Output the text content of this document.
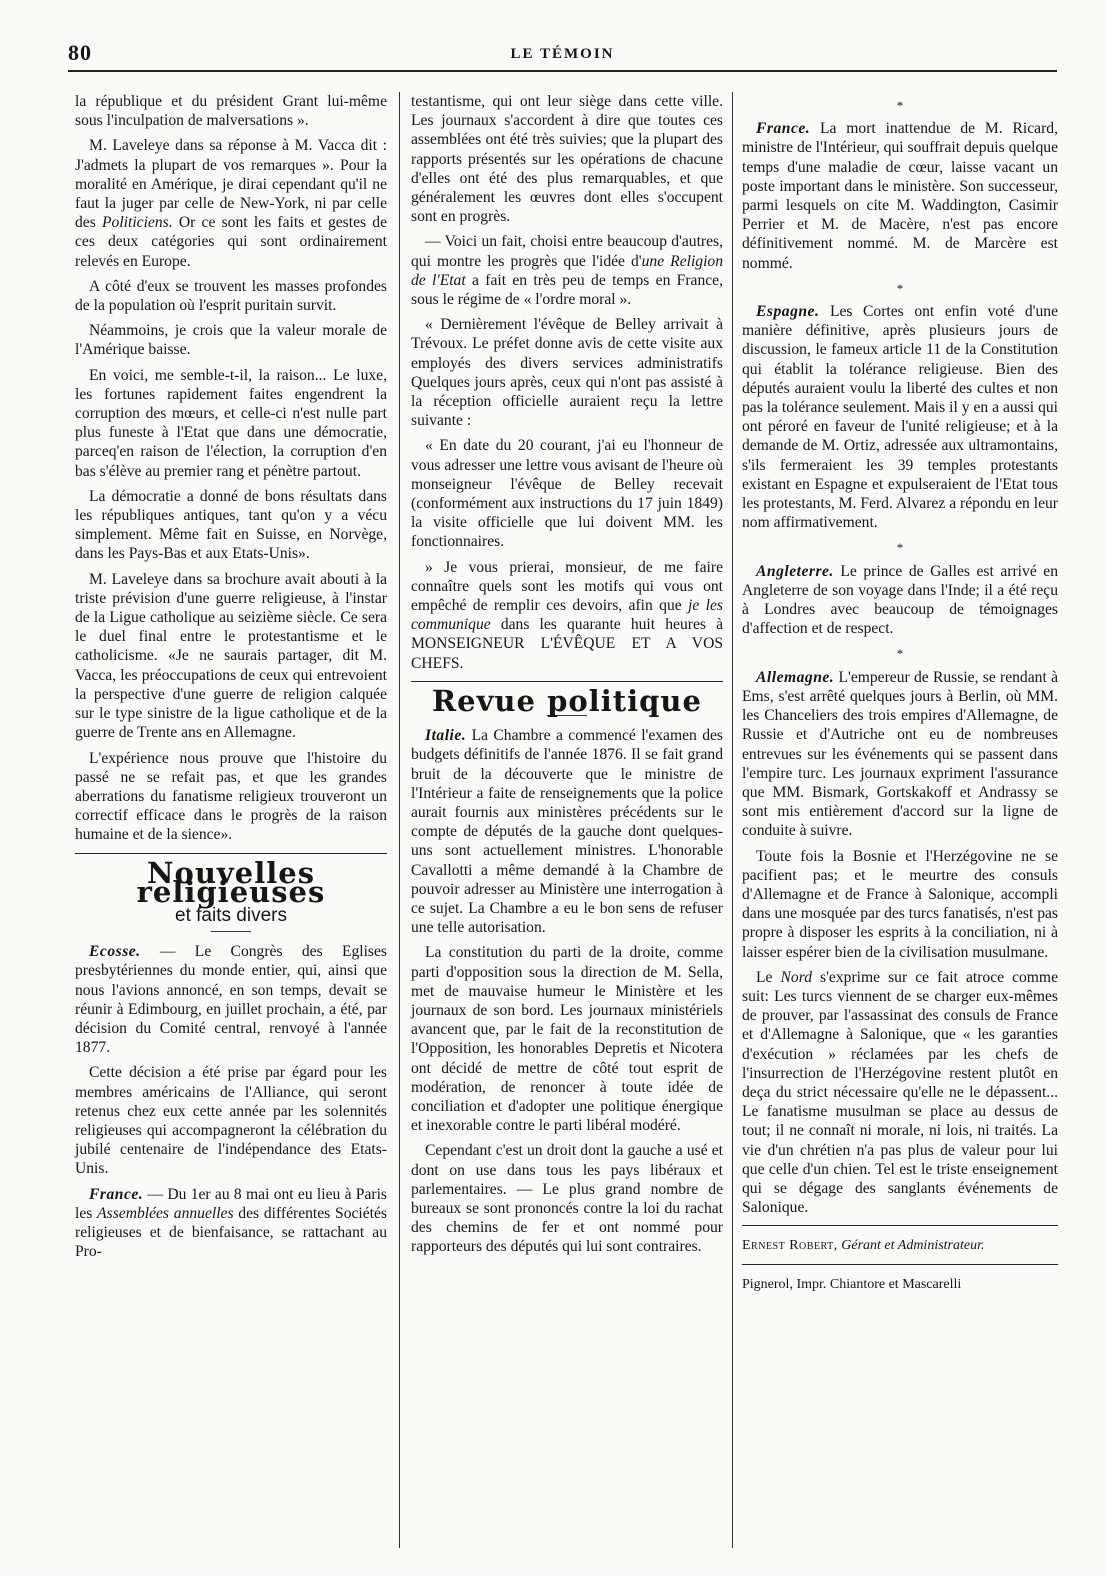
80	LE TÉMOIN

la république et du président Grant lui-même sous l'inculpation de malversations ».

M. Laveleye dans sa réponse à M. Vacca dit : J'admets la plupart de vos remarques ». Pour la moralité en Amérique, je dirai cependant qu'il ne faut la juger par celle de New-York, ni par celle des Politiciens. Or ce sont les faits et gestes de ces deux catégories qui sont ordinairement relevés en Europe.

A côté d'eux se trouvent les masses profondes de la population où l'esprit puritain survit.

Néammoins, je crois que la valeur morale de l'Amérique baisse.

En voici, me semble-t-il, la raison... Le luxe, les fortunes rapidement faites engendrent la corruption des mœurs, et celle-ci n'est nulle part plus funeste à l'Etat que dans une démocratie, parceq'en raison de l'élection, la corruption d'en bas s'élève au premier rang et pénètre partout.

La démocratie a donné de bons résultats dans les républiques antiques, tant qu'on y a vécu simplement. Même fait en Suisse, en Norvège, dans les Pays-Bas et aux Etats-Unis».

M. Laveleye dans sa brochure avait abouti à la triste prévision d'une guerre religieuse, à l'instar de la Ligue catholique au seizième siècle. Ce sera le duel final entre le protestantisme et le catholicisme. «Je ne saurais partager, dit M. Vacca, les préoccupations de ceux qui entrevoient la perspective d'une guerre de religion calquée sur le type sinistre de la ligue catholique et de la guerre de Trente ans en Allemagne.

L'expérience nous prouve que l'histoire du passé ne se refait pas, et que les grandes aberrations du fanatisme religieux trouveront un correctif efficace dans le progrès de la raison humaine et de la sience».

Nouvelles religieuses
et faits divers

Ecosse. — Le Congrès des Eglises presbytériennes du monde entier, qui, ainsi que nous l'avions annoncé, en son temps, devait se réunir à Edimbourg, en juillet prochain, a été, par décision du Comité central, renvoyé à l'année 1877.

Cette décision a été prise par égard pour les membres américains de l'Alliance, qui seront retenus chez eux cette année par les solennités religieuses qui accompagneront la célébration du jubilé centenaire de l'indépendance des Etats-Unis.

France. — Du 1er au 8 mai ont eu lieu à Paris les Assemblées annuelles des différentes Sociétés religieuses et de bienfaisance, se rattachant au Pro-

testantisme, qui ont leur siège dans cette ville. Les journaux s'accordent à dire que toutes ces assemblées ont été très suivies; que la plupart des rapports présentés sur les opérations de chacune d'elles ont été des plus remarquables, et que généralement les œuvres dont elles s'occupent sont en progrès.

— Voici un fait, choisi entre beaucoup d'autres, qui montre les progrès que l'idée d'une Religion de l'Etat a fait en très peu de temps en France, sous le régime de « l'ordre moral ».

« Dernièrement l'évêque de Belley arrivait à Trévoux. Le préfet donne avis de cette visite aux employés des divers services administratifs Quelques jours après, ceux qui n'ont pas assisté à la réception officielle auraient reçu la lettre suivante :

« En date du 20 courant, j'ai eu l'honneur de vous adresser une lettre vous avisant de l'heure où monseigneur l'évêque de Belley recevait (conformément aux instructions du 17 juin 1849) la visite officielle que lui doivent MM. les fonctionnaires.

» Je vous prierai, monsieur, de me faire connaître quels sont les motifs qui vous ont empêché de remplir ces devoirs, afin que je les communique dans les quarante huit heures à MONSEIGNEUR L'ÉVÊQUE ET A VOS CHEFS.

Revue politique

Italie. La Chambre a commencé l'examen des budgets définitifs de l'année 1876. Il se fait grand bruit de la découverte que le ministre de l'Intérieur a faite de renseignements que la police aurait fournis aux ministères précédents sur le compte de députés de la gauche dont quelques-uns sont actuellement ministres. L'honorable Cavallotti a même demandé à la Chambre de pouvoir adresser au Ministère une interrogation à ce sujet. La Chambre a eu le bon sens de refuser une telle autorisation.

La constitution du parti de la droite, comme parti d'opposition sous la direction de M. Sella, met de mauvaise humeur le Ministère et les journaux de son bord. Les journaux ministériels avancent que, par le fait de la reconstitution de l'Opposition, les honorables Depretis et Nicotera ont décidé de mettre de côté tout esprit de modération, de renoncer à toute idée de conciliation et d'adopter une politique énergique et inexorable contre le parti libéral modéré.

Cependant c'est un droit dont la gauche a usé et dont on use dans tous les pays libéraux et parlementaires. — Le plus grand nombre de bureaux se sont prononcés contre la loi du rachat des chemins de fer et ont nommé pour rapporteurs des députés qui lui sont contraires.

*

France. La mort inattendue de M. Ricard, ministre de l'Intérieur, qui souffrait depuis quelque temps d'une maladie de cœur, laisse vacant un poste important dans le ministère. Son successeur, parmi lesquels on cite M. Waddington, Casimir Perrier et M. de Macère, n'est pas encore définitivement nommé. M. de Marcère est nommé.

*

Espagne. Les Cortes ont enfin voté d'une manière définitive, après plusieurs jours de discussion, le fameux article 11 de la Constitution qui établit la tolérance religieuse. Bien des députés auraient voulu la liberté des cultes et non pas la tolérance seulement. Mais il y en a aussi qui ont péroré en faveur de l'unité religieuse; et à la demande de M. Ortiz, adressée aux ultramontains, s'ils fermeraient les 39 temples protestants existant en Espagne et expulseraient de l'Etat tous les protestants, M. Ferd. Alvarez a répondu en leur nom affirmativement.

*

Angleterre. Le prince de Galles est arrivé en Angleterre de son voyage dans l'Inde; il a été reçu à Londres avec beaucoup de témoignages d'affection et de respect.

*

Allemagne. L'empereur de Russie, se rendant à Ems, s'est arrêté quelques jours à Berlin, où MM. les Chanceliers des trois empires d'Allemagne, de Russie et d'Autriche ont eu de nombreuses entrevues sur les événements qui se passent dans l'empire turc. Les journaux expriment l'assurance que MM. Bismark, Gortskakoff et Andrassy se sont mis entièrement d'accord sur la ligne de conduite à suivre.

Toute fois la Bosnie et l'Herzégovine ne se pacifient pas; et le meurtre des consuls d'Allemagne et de France à Salonique, accompli dans une mosquée par des turcs fanatisés, n'est pas propre à disposer les esprits à la conciliation, ni à laisser espérer bien de la civilisation musulmane.

Le Nord s'exprime sur ce fait atroce comme suit: Les turcs viennent de se charger eux-mêmes de prouver, par l'assassinat des consuls de France et d'Allemagne à Salonique, que « les garanties d'exécution » réclamées par les chefs de l'insurrection de l'Herzégovine restent plutôt en deça du strict nécessaire qu'elle ne le dépassent... Le fanatisme musulman se place au dessus de tout; il ne connaît ni morale, ni lois, ni traités. La vie d'un chrétien n'a pas plus de valeur pour lui que celle d'un chien. Tel est le triste enseignement qui se dégage des sanglants événements de Salonique.

Ernest Robert, Gérant et Administrateur.
Pignerol, Impr. Chiantore et Mascarelli
